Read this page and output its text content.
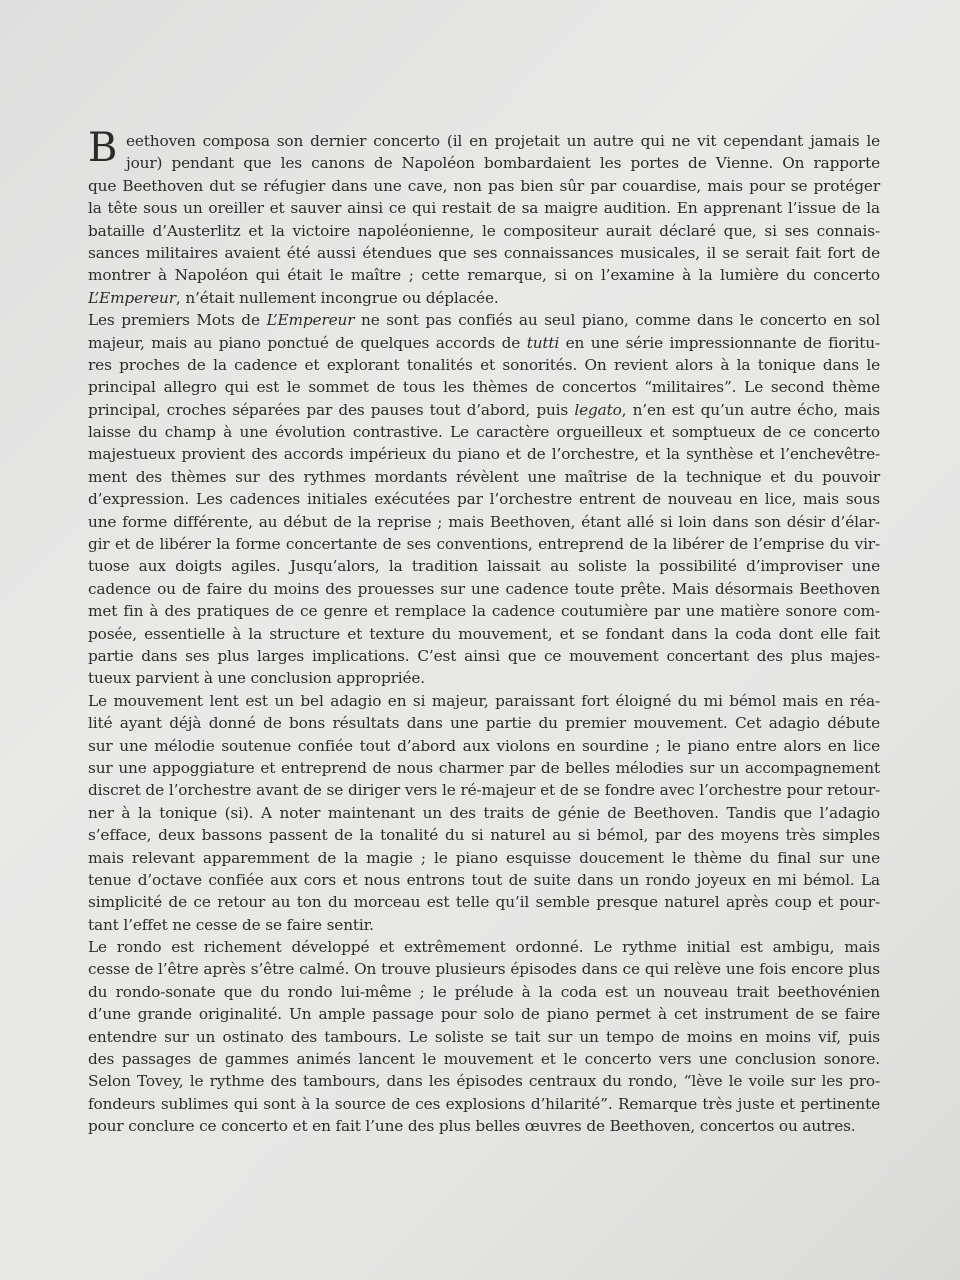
B eethoven composa son dernier concerto (il en projetait un autre qui ne vit cependant jamais le
jour) pendant que les canons de Napoléon bombardaient les portes de Vienne. On rapporte
que Beethoven dut se réfugier dans une cave, non pas bien sûr par couardise, mais pour se protéger
la tête sous un oreiller et sauver ainsi ce qui restait de sa maigre audition. En apprenant l’issue de la
bataille d’Austerlitz et la victoire napoléonienne, le compositeur aurait déclaré que, si ses connais-
sances militaires avaient été aussi étendues que ses connaissances musicales, il se serait fait fort de
montrer à Napoléon qui était le maître ; cette remarque, si on l’examine à la lumière du concerto
L’Empereur, n’était nullement incongrue ou déplacée.
Les premiers Mots de L’Empereur ne sont pas confiés au seul piano, comme dans le concerto en sol
majeur, mais au piano ponctué de quelques accords de tutti en une série impressionnante de fioritu-
res proches de la cadence et explorant tonalités et sonorités. On revient alors à la tonique dans le
principal allegro qui est le sommet de tous les thèmes de concertos “militaires”. Le second thème
principal, croches séparées par des pauses tout d’abord, puis legato, n’en est qu’un autre écho, mais
laisse du champ à une évolution contrastive. Le caractère orgueilleux et somptueux de ce concerto
majestueux provient des accords impérieux du piano et de l’orchestre, et la synthèse et l’enchevêtre-
ment des thèmes sur des rythmes mordants révèlent une maîtrise de la technique et du pouvoir
d’expression. Les cadences initiales exécutées par l’orchestre entrent de nouveau en lice, mais sous
une forme différente, au début de la reprise ; mais Beethoven, étant allé si loin dans son désir d’élar-
gir et de libérer la forme concertante de ses conventions, entreprend de la libérer de l’emprise du vir-
tuose aux doigts agiles. Jusqu’alors, la tradition laissait au soliste la possibilité d’improviser une
cadence ou de faire du moins des prouesses sur une cadence toute prête. Mais désormais Beethoven
met fin à des pratiques de ce genre et remplace la cadence coutumière par une matière sonore com-
posée, essentielle à la structure et texture du mouvement, et se fondant dans la coda dont elle fait
partie dans ses plus larges implications. C’est ainsi que ce mouvement concertant des plus majes-
tueux parvient à une conclusion appropriée.
Le mouvement lent est un bel adagio en si majeur, paraissant fort éloigné du mi bémol mais en réa-
lité ayant déjà donné de bons résultats dans une partie du premier mouvement. Cet adagio débute
sur une mélodie soutenue confiée tout d’abord aux violons en sourdine ; le piano entre alors en lice
sur une appoggiature et entreprend de nous charmer par de belles mélodies sur un accompagnement
discret de l’orchestre avant de se diriger vers le ré-majeur et de se fondre avec l’orchestre pour retour-
ner à la tonique (si). A noter maintenant un des traits de génie de Beethoven. Tandis que l’adagio
s’efface, deux bassons passent de la tonalité du si naturel au si bémol, par des moyens très simples
mais relevant apparemment de la magie ; le piano esquisse doucement le thème du final sur une
tenue d’octave confiée aux cors et nous entrons tout de suite dans un rondo joyeux en mi bémol. La
simplicité de ce retour au ton du morceau est telle qu’il semble presque naturel après coup et pour-
tant l’effet ne cesse de se faire sentir.
Le rondo est richement développé et extrêmement ordonné. Le rythme initial est ambigu, mais
cesse de l’être après s’être calmé. On trouve plusieurs épisodes dans ce qui relève une fois encore plus
du rondo-sonate que du rondo lui-même ; le prélude à la coda est un nouveau trait beethovénien
d’une grande originalité. Un ample passage pour solo de piano permet à cet instrument de se faire
entendre sur un ostinato des tambours. Le soliste se tait sur un tempo de moins en moins vif, puis
des passages de gammes animés lancent le mouvement et le concerto vers une conclusion sonore.
Selon Tovey, le rythme des tambours, dans les épisodes centraux du rondo, “lève le voile sur les pro-
fondeurs sublimes qui sont à la source de ces explosions d’hilarité”. Remarque très juste et pertinente
pour conclure ce concerto et en fait l’une des plus belles œuvres de Beethoven, concertos ou autres.
